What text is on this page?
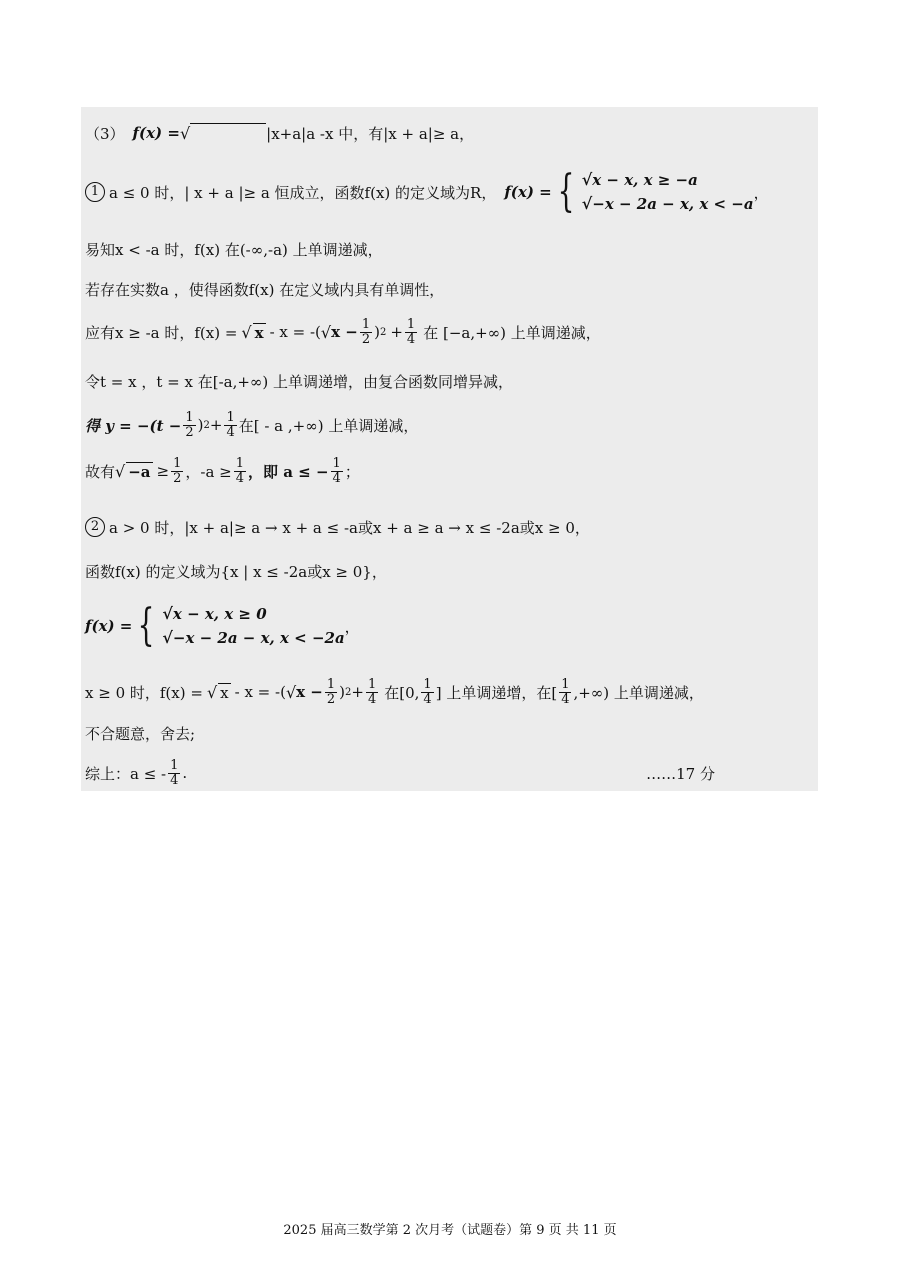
（3） f(x) = √	|x+a|a -x 中，有|x + a|≥ a，
1 a ≤ 0 时，| x + a |≥ a 恒成立，函数f(x) 的定义域为R， f(x) = { √x − x, x ≥ −a
√−x − 2a − x, x < −a
，
易知x < -a 时，f(x) 在(-∞,-a) 上单调递减，
若存在实数a ，使得函数f(x) 在定义域内具有单调性，
应有x ≥ -a 时，f(x) = √ x - x = -( √ $x - \frac{1}{2}$ ) $2 + \frac{1}{4}$ 在 [−a,+∞) 上单调递减，
令t = x ，t = x 在[-a,+∞) 上单调递增，由复合函数同增异减，
得 $y = -(t - \frac{1}{2}$ ) $2 + \frac{1}{4}$ 在[ - a ,+∞) 上单调递减，
故有 √ $-a \ge \frac{1}{2}$ ，$-a \ge \frac{1}{4}$ ，即 a ≤ − $\frac{1}{4}$ ；
2 a > 0 时，|x + a|≥ a → x + a ≤ -a或x + a ≥ a → x ≤ -2a或x ≥ 0，
函数f(x) 的定义域为{x | x ≤ -2a或x ≥ 0}，
f(x) = { √x − x, x ≥ 0
√−x − 2a − x, x < −2a
，
x ≥ 0 时，f(x) = √ x - x = -( √ $x - \frac{1}{2}$ ) $2 + \frac{1}{4}$ 在[0, $\frac{1}{4}$ ] 上单调递增，在[ $\frac{1}{4}$ ,+∞) 上单调递减，
不合题意，舍去;
综上：a ≤ - $\frac{1}{4}$ .	……17 分
2025 届高三数学第 2 次月考（试题卷）第 9 页 共 11 页
